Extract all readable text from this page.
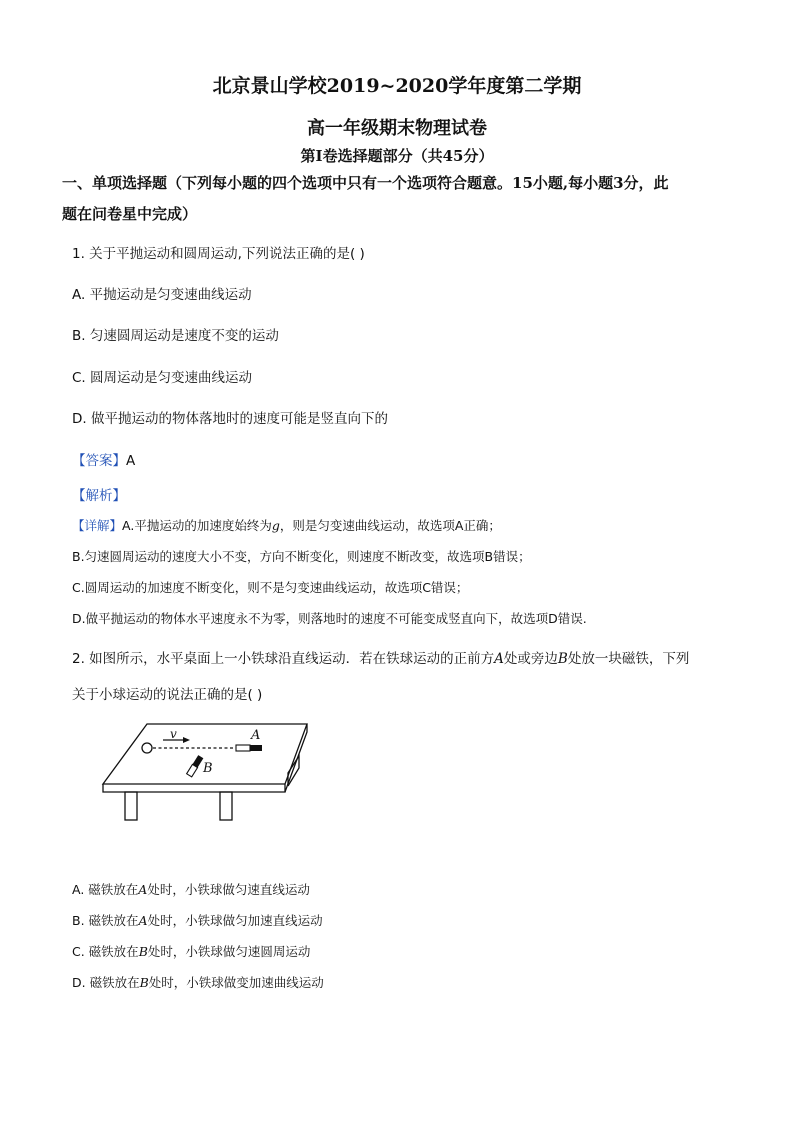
北京景山学校2019~2020学年度第二学期
高一年级期末物理试卷
第I卷选择题部分（共45分）
一、单项选择题（下列每小题的四个选项中只有一个选项符合题意。15小题,每小题3分，此
题在问卷星中完成）
1. 关于平抛运动和圆周运动,下列说法正确的是( )
A. 平抛运动是匀变速曲线运动
B. 匀速圆周运动是速度不变的运动
C. 圆周运动是匀变速曲线运动
D. 做平抛运动的物体落地时的速度可能是竖直向下的
【答案】A
【解析】
【详解】A.平抛运动的加速度始终为g，则是匀变速曲线运动，故选项A正确；
B.匀速圆周运动的速度大小不变，方向不断变化，则速度不断改变，故选项B错误；
C.圆周运动的加速度不断变化，则不是匀变速曲线运动，故选项C错误；
D.做平抛运动的物体水平速度永不为零，则落地时的速度不可能变成竖直向下，故选项D错误.
2. 如图所示，水平桌面上一小铁球沿直线运动．若在铁球运动的正前方A处或旁边B处放一块磁铁，下列
关于小球运动的说法正确的是( )
v	A
B
A. 磁铁放在A处时，小铁球做匀速直线运动
B. 磁铁放在A处时，小铁球做匀加速直线运动
C. 磁铁放在B处时，小铁球做匀速圆周运动
D. 磁铁放在B处时，小铁球做变加速曲线运动
